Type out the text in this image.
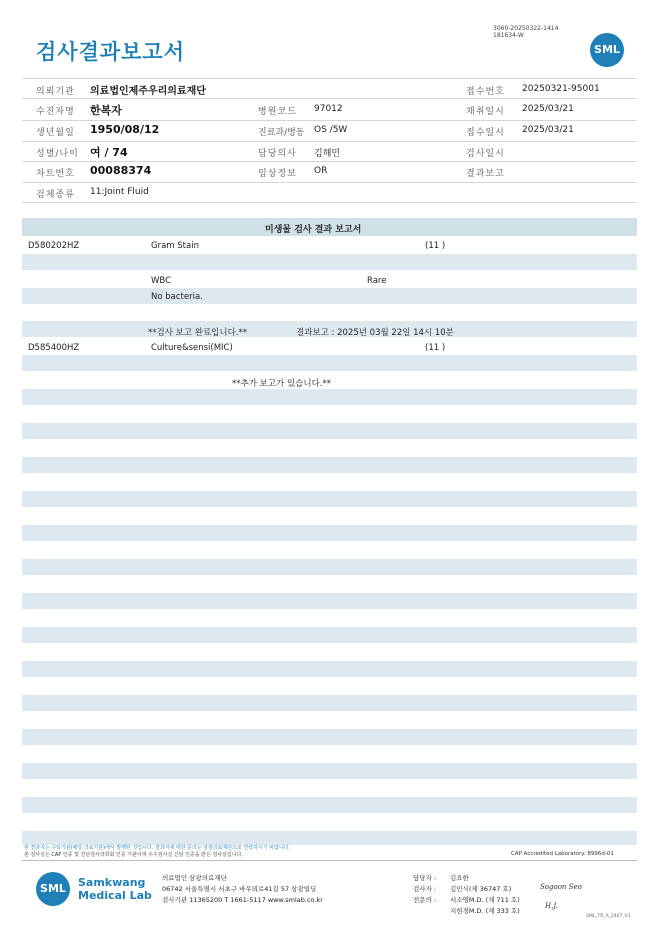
검사결과보고서
3060-20250322-1414
181634-W
SML
의뢰기관 의료법인제주우리의료재단	접수번호 20250321-95001
수진자명 한복자	병원코드 97012	채취일시 2025/03/21
생년월일 1950/08/12	진료과/병동 OS /5W	접수일시 2025/03/21
성별/나이 여 / 74	담당의사 김해민	검사일시
차트번호 00088374	임상정보 OR	결과보고
검체종류 11:Joint Fluid
미생물 검사 결과 보고서
D580202HZ	Gram Stain	(11 )
WBC	Rare
No bacteria.
**검사 보고 완료입니다.**	결과보고 : 2025년 03월 22일 14시 10분
D585400HZ	Culture&sensi(MIC)	(11 )
**추가 보고가 있습니다.**
본 결과지는 수탁기관(해당 의료기관)에서 발행된 것입니다. 결과지에 대한 문의는 삼광의료재단으로 연락하시기 바랍니다.
본 검사실은 CAP 인증 및 진단검사의학회 인증 기관이며 우수검사실 신임 인증을 받은 검사실입니다.	CAP Accredited Laboratory. 8996d-01
SML	Samkwang
Medical Lab
의료법인 삼광의료재단
06742 서울특별시 서초구 바우뫼로41길 57 삼광빌딩
검사기관 11365200 T 1661-5117 www.smlab.co.kr
담당자 : 김요한
검사자 : 김민식(제 36747 호)
전문의 : 서소영M.D. (제 711 호)
지현경M.D. (제 333 호)
Sogoon Seo
H.J.
SML_TR_A_2407_V1
